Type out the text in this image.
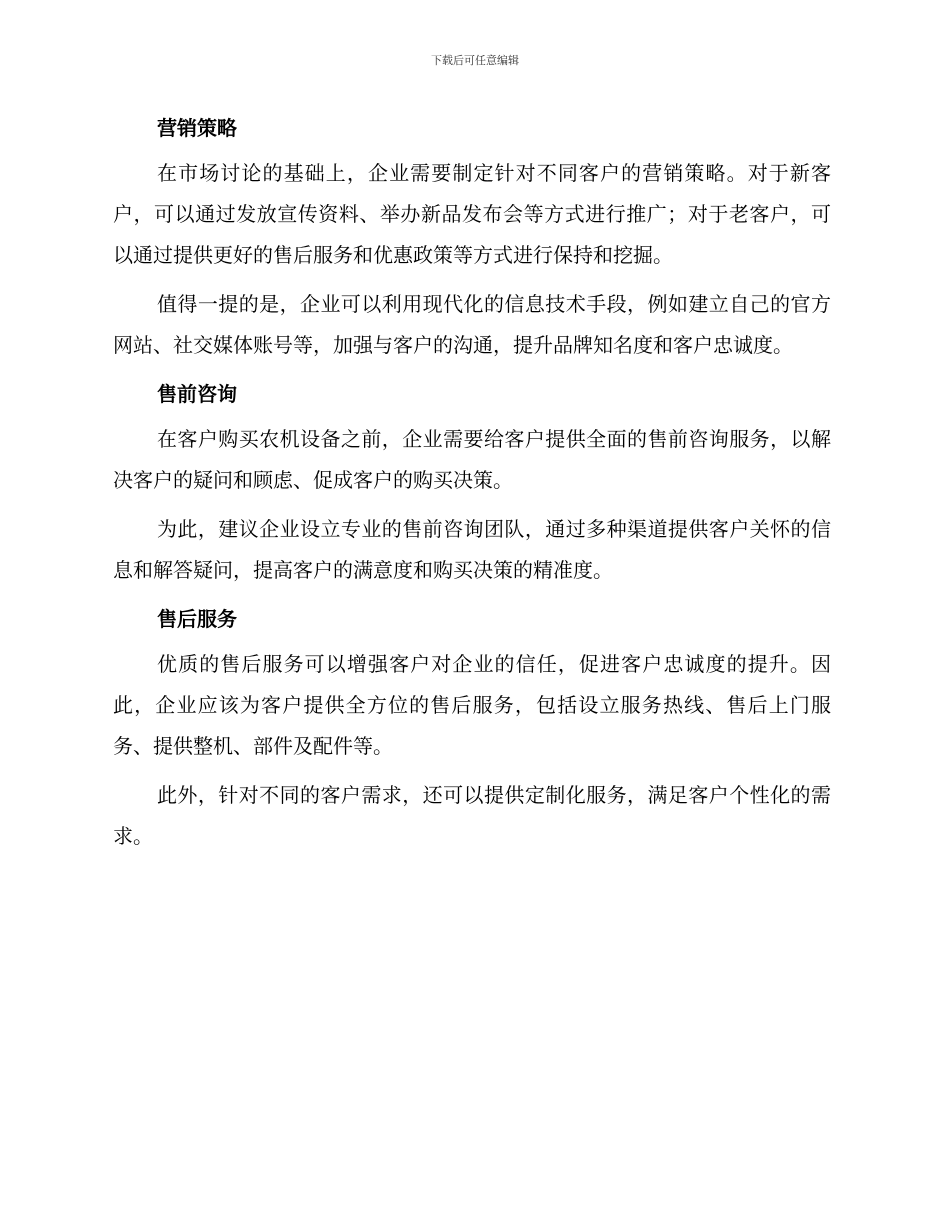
下载后可任意编辑
营销策略

在市场讨论的基础上，企业需要制定针对不同客户的营销策略。对于新客户，可以通过发放宣传资料、举办新品发布会等方式进行推广；对于老客户，可以通过提供更好的售后服务和优惠政策等方式进行保持和挖掘。

值得一提的是，企业可以利用现代化的信息技术手段，例如建立自己的官方网站、社交媒体账号等，加强与客户的沟通，提升品牌知名度和客户忠诚度。

售前咨询

在客户购买农机设备之前，企业需要给客户提供全面的售前咨询服务，以解决客户的疑问和顾虑、促成客户的购买决策。

为此，建议企业设立专业的售前咨询团队，通过多种渠道提供客户关怀的信息和解答疑问，提高客户的满意度和购买决策的精准度。

售后服务

优质的售后服务可以增强客户对企业的信任，促进客户忠诚度的提升。因此，企业应该为客户提供全方位的售后服务，包括设立服务热线、售后上门服务、提供整机、部件及配件等。

此外，针对不同的客户需求，还可以提供定制化服务，满足客户个性化的需求。
